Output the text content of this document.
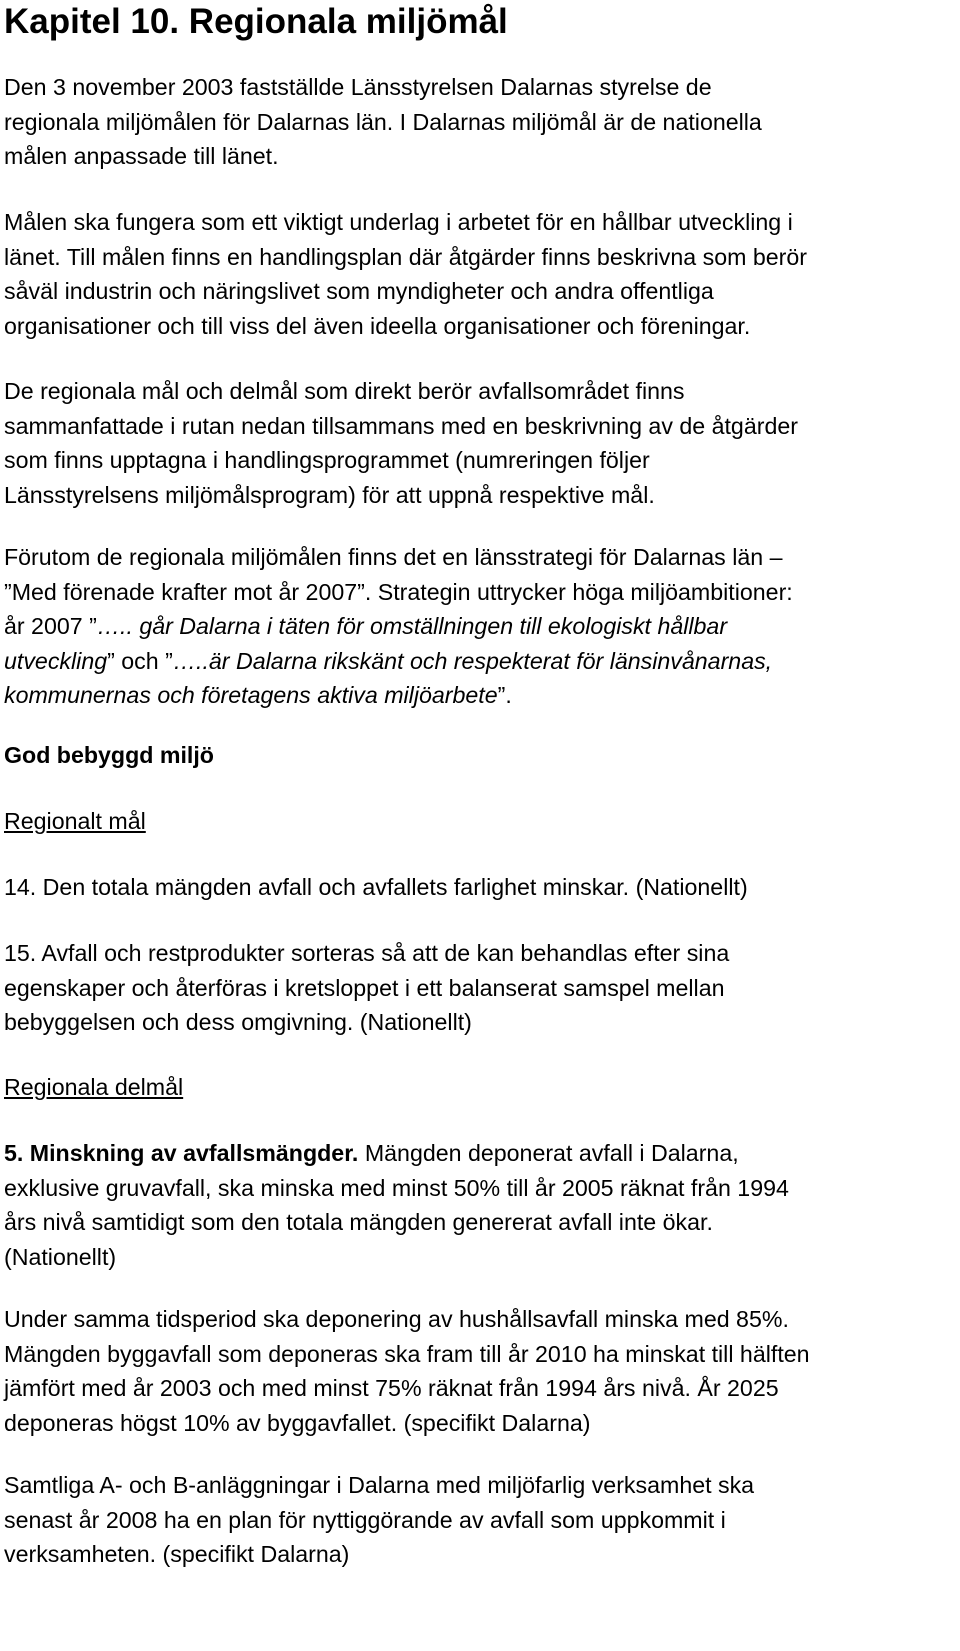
Kapitel 10. Regionala miljömål

Den 3 november 2003 fastställde Länsstyrelsen Dalarnas styrelse de
regionala miljömålen för Dalarnas län. I Dalarnas miljömål är de nationella
målen anpassade till länet.

Målen ska fungera som ett viktigt underlag i arbetet för en hållbar utveckling i
länet. Till målen finns en handlingsplan där åtgärder finns beskrivna som berör
såväl industrin och näringslivet som myndigheter och andra offentliga
organisationer och till viss del även ideella organisationer och föreningar.

De regionala mål och delmål som direkt berör avfallsområdet finns
sammanfattade i rutan nedan tillsammans med en beskrivning av de åtgärder
som finns upptagna i handlingsprogrammet (numreringen följer
Länsstyrelsens miljömålsprogram) för att uppnå respektive mål.

Förutom de regionala miljömålen finns det en länsstrategi för Dalarnas län –
”Med förenade krafter mot år 2007”. Strategin uttrycker höga miljöambitioner:
år 2007 ”….. går Dalarna i täten för omställningen till ekologiskt hållbar
utveckling” och ”…..är Dalarna rikskänt och respekterat för länsinvånarnas,
kommunernas och företagens aktiva miljöarbete”.

God bebyggd miljö

Regionalt mål

14. Den totala mängden avfall och avfallets farlighet minskar. (Nationellt)

15. Avfall och restprodukter sorteras så att de kan behandlas efter sina
egenskaper och återföras i kretsloppet i ett balanserat samspel mellan
bebyggelsen och dess omgivning. (Nationellt)

Regionala delmål

5. Minskning av avfallsmängder. Mängden deponerat avfall i Dalarna,
exklusive gruvavfall, ska minska med minst 50% till år 2005 räknat från 1994
års nivå samtidigt som den totala mängden genererat avfall inte ökar.
(Nationellt)

Under samma tidsperiod ska deponering av hushållsavfall minska med 85%.
Mängden byggavfall som deponeras ska fram till år 2010 ha minskat till hälften
jämfört med år 2003 och med minst 75% räknat från 1994 års nivå. År 2025
deponeras högst 10% av byggavfallet. (specifikt Dalarna)

Samtliga A- och B-anläggningar i Dalarna med miljöfarlig verksamhet ska
senast år 2008 ha en plan för nyttiggörande av avfall som uppkommit i
verksamheten. (specifikt Dalarna)
